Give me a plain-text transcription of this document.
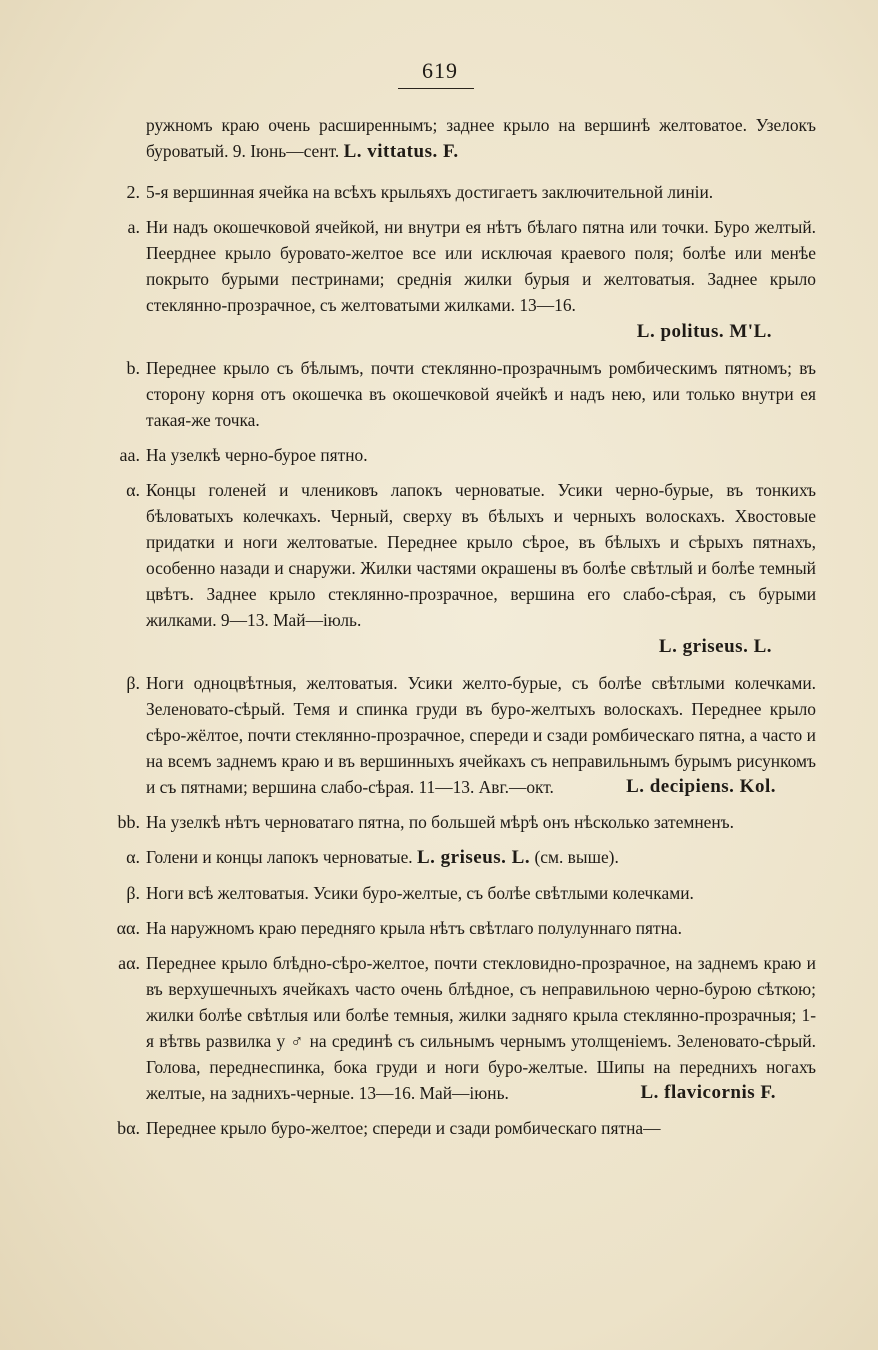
619
ружномъ краю очень расширеннымъ; заднее крыло на вершинѣ желтоватое. Узелокъ буроватый. 9. Іюнь—сент. L. vittatus. F.
2. 5-я вершинная ячейка на всѣхъ крыльяхъ достигаетъ заключительной линіи.
a. Ни надъ окошечковой ячейкой, ни внутри ея нѣтъ бѣлаго пятна или точки. Буро желтый. Пеерднее крыло буровато-желтое все или исключая краевого поля; болѣе или менѣе покрыто бурыми пестринами; среднія жилки бурыя и желтоватыя. Заднее крыло стеклянно-прозрачное, съ желтоватыми жилками. 13—16.
L. politus. M'L.
b. Переднее крыло съ бѣлымъ, почти стеклянно-прозрачнымъ ромбическимъ пятномъ; въ сторону корня отъ окошечка въ окошечковой ячейкѣ и надъ нею, или только внутри ея такая-же точка.
aa. На узелкѣ черно-бурое пятно.
α. Концы голеней и члениковъ лапокъ черноватые. Усики черно-бурые, въ тонкихъ бѣловатыхъ колечкахъ. Черный, сверху въ бѣлыхъ и черныхъ волоскахъ. Хвостовые придатки и ноги желтоватые. Переднее крыло сѣрое, въ бѣлыхъ и сѣрыхъ пятнахъ, особенно назади и снаружи. Жилки частями окрашены въ болѣе свѣтлый и болѣе темный цвѣтъ. Заднее крыло стеклянно-прозрачное, вершина его слабо-сѣрая, съ бурыми жилками. 9—13. Май—іюль.
L. griseus. L.
β. Ноги одноцвѣтныя, желтоватыя. Усики желто-бурые, съ болѣе свѣтлыми колечками. Зеленовато-сѣрый. Темя и спинка груди въ буро-желтыхъ волоскахъ. Переднее крыло сѣро-жёлтое, почти стеклянно-прозрачное, спереди и сзади ромбическаго пятна, а часто и на всемъ заднемъ краю и въ вершинныхъ ячейкахъ съ неправильнымъ бурымъ рисункомъ и съ пятнами; вершина слабо-сѣрая. 11—13. Авг.—окт.	L. decipiens. Kol.
bb. На узелкѣ нѣтъ черноватаго пятна, по большей мѣрѣ онъ нѣсколько затемненъ.
α. Голени и концы лапокъ черноватые. L. griseus. L. (см. выше).
β. Ноги всѣ желтоватыя. Усики буро-желтые, съ болѣе свѣтлыми колечками.
αα. На наружномъ краю передняго крыла нѣтъ свѣтлаго полулуннаго пятна.
aα. Переднее крыло блѣдно-сѣро-желтое, почти стекловидно-прозрачное, на заднемъ краю и въ верхушечныхъ ячейкахъ часто очень блѣдное, съ неправильною черно-бурою сѣткою; жилки болѣе свѣтлыя или болѣе темныя, жилки задняго крыла стеклянно-прозрачныя; 1-я вѣтвь развилка у ♂ на срединѣ съ сильнымъ чернымъ утолщеніемъ. Зеленовато-сѣрый. Голова, переднеспинка, бока груди и ноги буро-желтые. Шипы на переднихъ ногахъ желтые, на заднихъ-черные. 13—16. Май—іюнь.	L. flavicornis F.
bα. Переднее крыло буро-желтое; спереди и сзади ромбическаго пятна—
